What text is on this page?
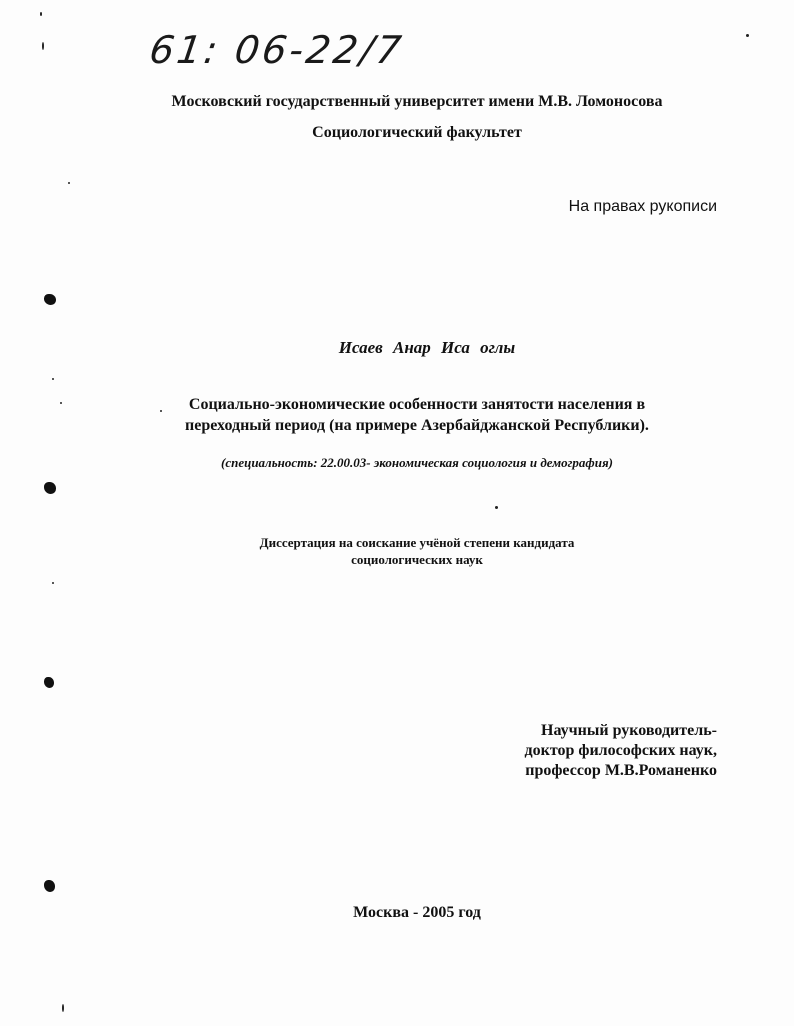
61: 06-22/7
Московский государственный университет имени М.В. Ломоносова
Социологический факультет
На правах рукописи
Исаев Анар Иса оглы
Социально-экономические особенности занятости населения в
переходный период (на примере Азербайджанской Республики).
(специальность: 22.00.03- экономическая социология и демография)
Диссертация на соискание учёной степени кандидата
социологических наук
Научный руководитель-
доктор философских наук,
профессор М.В.Романенко
Москва - 2005 год
